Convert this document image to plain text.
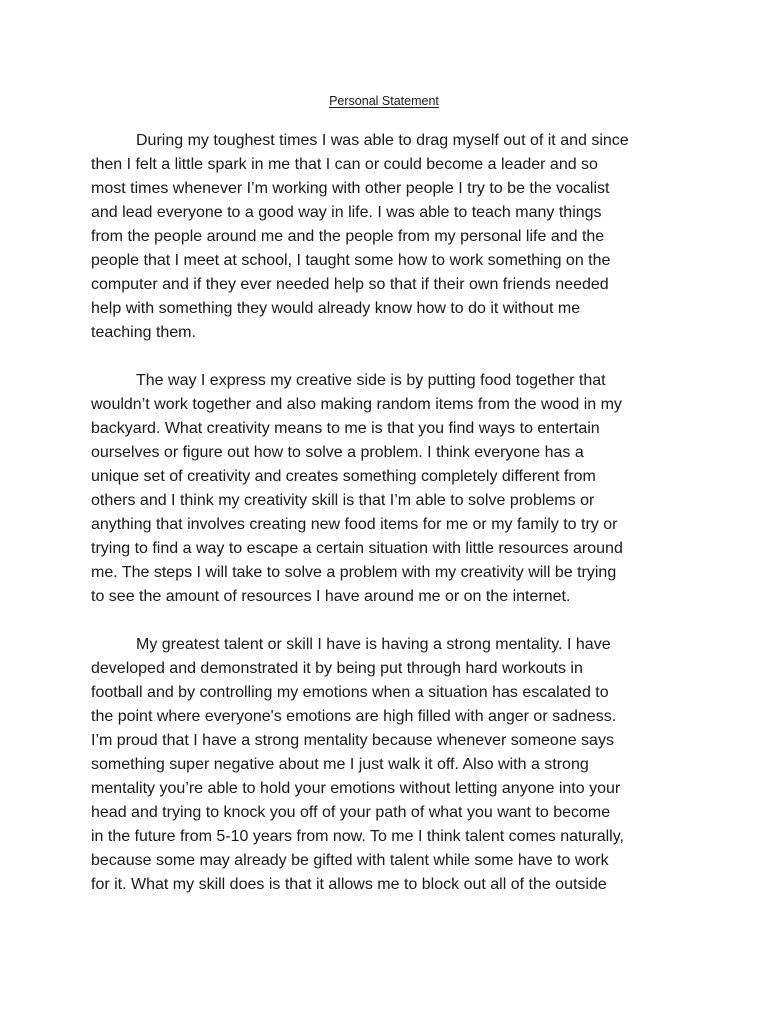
Personal Statement
During my toughest times I was able to drag myself out of it and since
then I felt a little spark in me that I can or could become a leader and so
most times whenever I’m working with other people I try to be the vocalist
and lead everyone to a good way in life. I was able to teach many things
from the people around me and the people from my personal life and the
people that I meet at school, I taught some how to work something on the
computer and if they ever needed help so that if their own friends needed
help with something they would already know how to do it without me
teaching them.
The way I express my creative side is by putting food together that
wouldn’t work together and also making random items from the wood in my
backyard. What creativity means to me is that you find ways to entertain
ourselves or figure out how to solve a problem. I think everyone has a
unique set of creativity and creates something completely different from
others and I think my creativity skill is that I’m able to solve problems or
anything that involves creating new food items for me or my family to try or
trying to find a way to escape a certain situation with little resources around
me. The steps I will take to solve a problem with my creativity will be trying
to see the amount of resources I have around me or on the internet.
My greatest talent or skill I have is having a strong mentality. I have
developed and demonstrated it by being put through hard workouts in
football and by controlling my emotions when a situation has escalated to
the point where everyone's emotions are high filled with anger or sadness.
I’m proud that I have a strong mentality because whenever someone says
something super negative about me I just walk it off. Also with a strong
mentality you’re able to hold your emotions without letting anyone into your
head and trying to knock you off of your path of what you want to become
in the future from 5-10 years from now. To me I think talent comes naturally,
because some may already be gifted with talent while some have to work
for it. What my skill does is that it allows me to block out all of the outside
